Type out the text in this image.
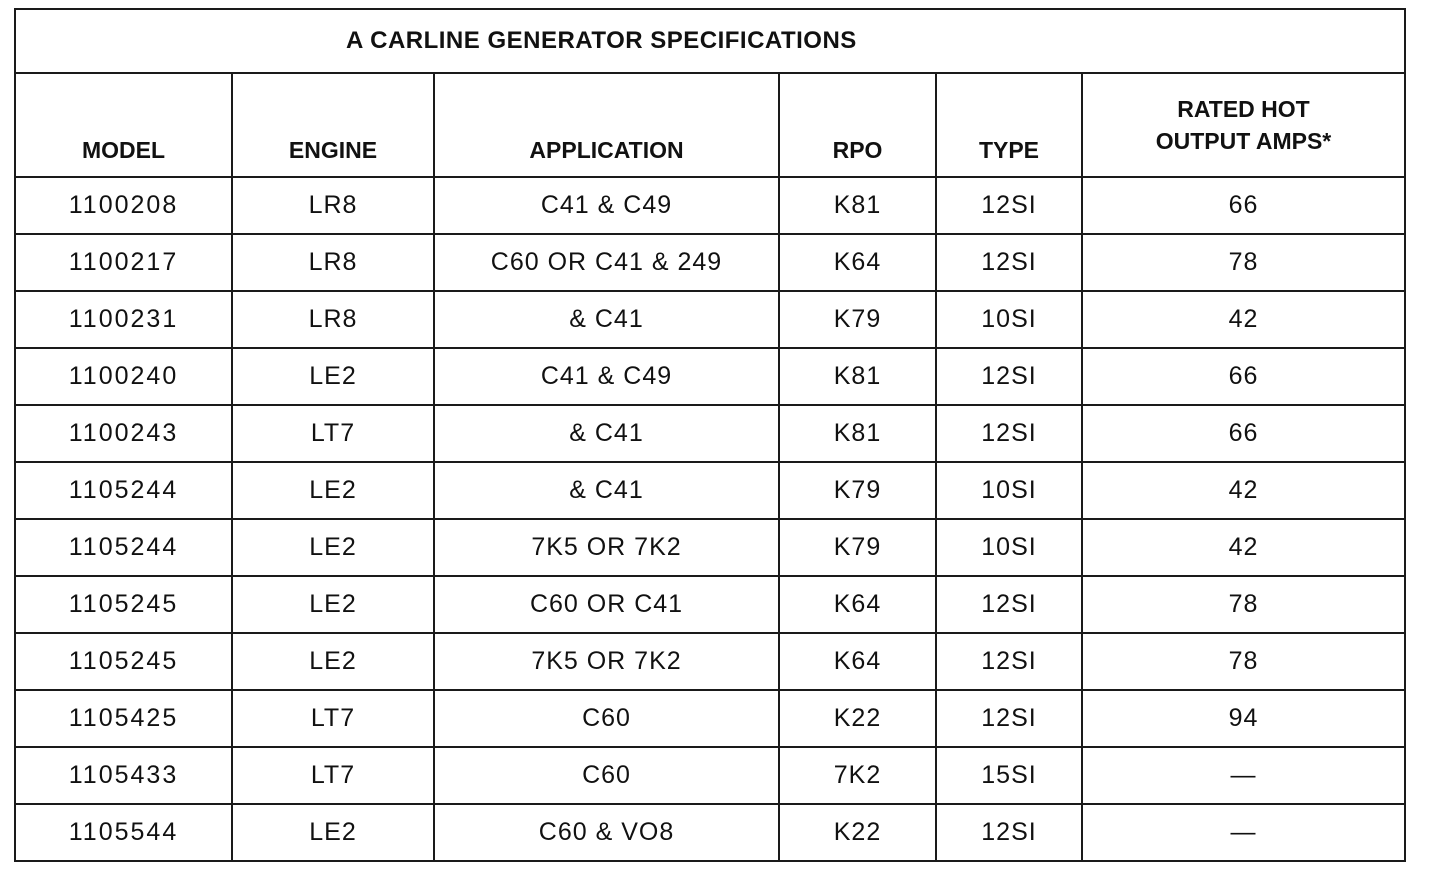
A CARLINE GENERATOR SPECIFICATIONS					
MODEL	ENGINE	APPLICATION	RPO	TYPE	RATED HOT
OUTPUT AMPS*
1100208	LR8	C41 & C49	K81	12SI	66
1100217	LR8	C60 OR C41 & 249	K64	12SI	78
1100231	LR8	& C41	K79	10SI	42
1100240	LE2	C41 & C49	K81	12SI	66
1100243	LT7	& C41	K81	12SI	66
1105244	LE2	& C41	K79	10SI	42
1105244	LE2	7K5 OR 7K2	K79	10SI	42
1105245	LE2	C60 OR C41	K64	12SI	78
1105245	LE2	7K5 OR 7K2	K64	12SI	78
1105425	LT7	C60	K22	12SI	94
1105433	LT7	C60	7K2	15SI	—
1105544	LE2	C60 & VO8	K22	12SI	—
